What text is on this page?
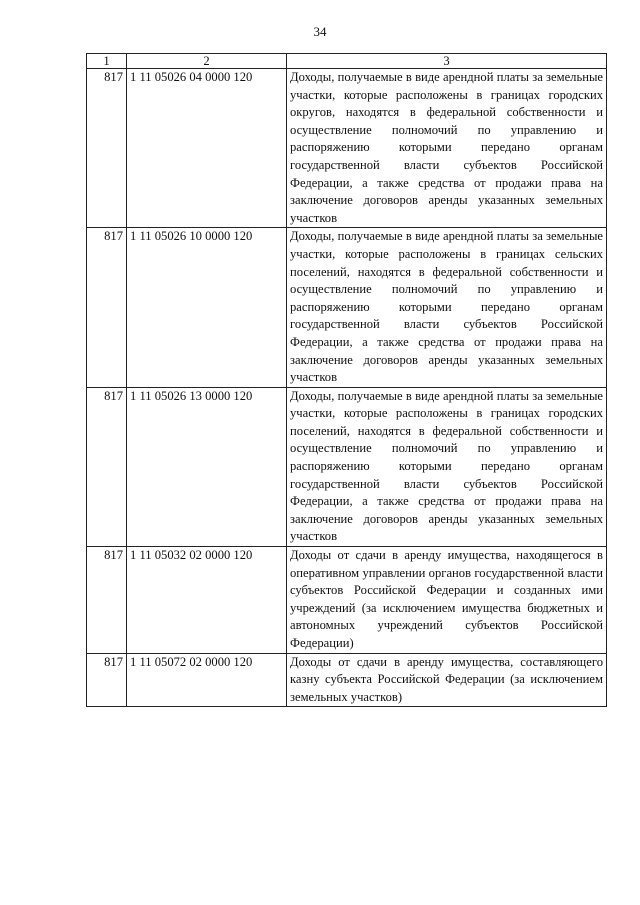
34
1	2	3
817	1 11 05026 04 0000 120	Доходы, получаемые в виде арендной платы за земельные участки, которые расположены в границах городских округов, находятся в федеральной собственности и осуществление полномочий по управлению и распоряжению которыми передано органам государственной власти субъектов Российской Федерации, а также средства от продажи права на заключение договоров аренды указанных земельных участков
817	1 11 05026 10 0000 120	Доходы, получаемые в виде арендной платы за земельные участки, которые расположены в границах сельских поселений, находятся в федеральной собственности и осуществление полномочий по управлению и распоряжению которыми передано органам государственной власти субъектов Российской Федерации, а также средства от продажи права на заключение договоров аренды указанных земельных участков
817	1 11 05026 13 0000 120	Доходы, получаемые в виде арендной платы за земельные участки, которые расположены в границах городских поселений, находятся в федеральной собственности и осуществление полномочий по управлению и распоряжению которыми передано органам государственной власти субъектов Российской Федерации, а также средства от продажи права на заключение договоров аренды указанных земельных участков
817	1 11 05032 02 0000 120	Доходы от сдачи в аренду имущества, находящегося в оперативном управлении органов государственной власти субъектов Российской Федерации и созданных ими учреждений (за исключением имущества бюджетных и автономных учреждений субъектов Российской Федерации)
817	1 11 05072 02 0000 120	Доходы от сдачи в аренду имущества, составляющего казну субъекта Российской Федерации (за исключением земельных участков)
